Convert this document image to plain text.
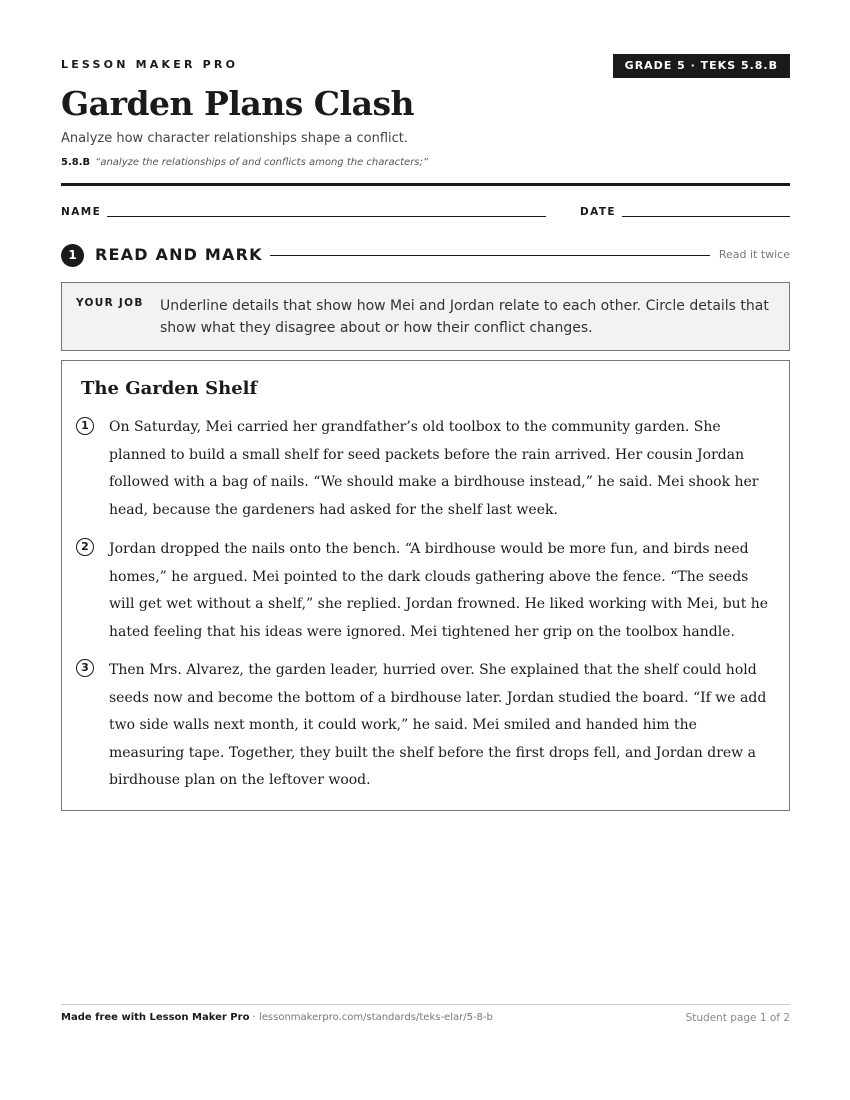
LESSON MAKER PRO	GRADE 5 · TEKS 5.8.B
Garden Plans Clash
Analyze how character relationships shape a conflict.
5.8.B “analyze the relationships of and conflicts among the characters;”
NAME	DATE
1	READ AND MARK	Read it twice
YOUR JOB Underline details that show how Mei and Jordan relate to each other. Circle details that show what they disagree about or how their conflict changes.
The Garden Shelf
1	On Saturday, Mei carried her grandfather’s old toolbox to the community garden. She planned to build a small shelf for seed packets before the rain arrived. Her cousin Jordan followed with a bag of nails. “We should make a birdhouse instead,” he said. Mei shook her head, because the gardeners had asked for the shelf last week.
2	Jordan dropped the nails onto the bench. “A birdhouse would be more fun, and birds need homes,” he argued. Mei pointed to the dark clouds gathering above the fence. “The seeds will get wet without a shelf,” she replied. Jordan frowned. He liked working with Mei, but he hated feeling that his ideas were ignored. Mei tightened her grip on the toolbox handle.
3	Then Mrs. Alvarez, the garden leader, hurried over. She explained that the shelf could hold seeds now and become the bottom of a birdhouse later. Jordan studied the board. “If we add two side walls next month, it could work,” he said. Mei smiled and handed him the measuring tape. Together, they built the shelf before the first drops fell, and Jordan drew a birdhouse plan on the leftover wood.
Made free with Lesson Maker Pro · lessonmakerpro.com/standards/teks-elar/5-8-b	Student page 1 of 2
